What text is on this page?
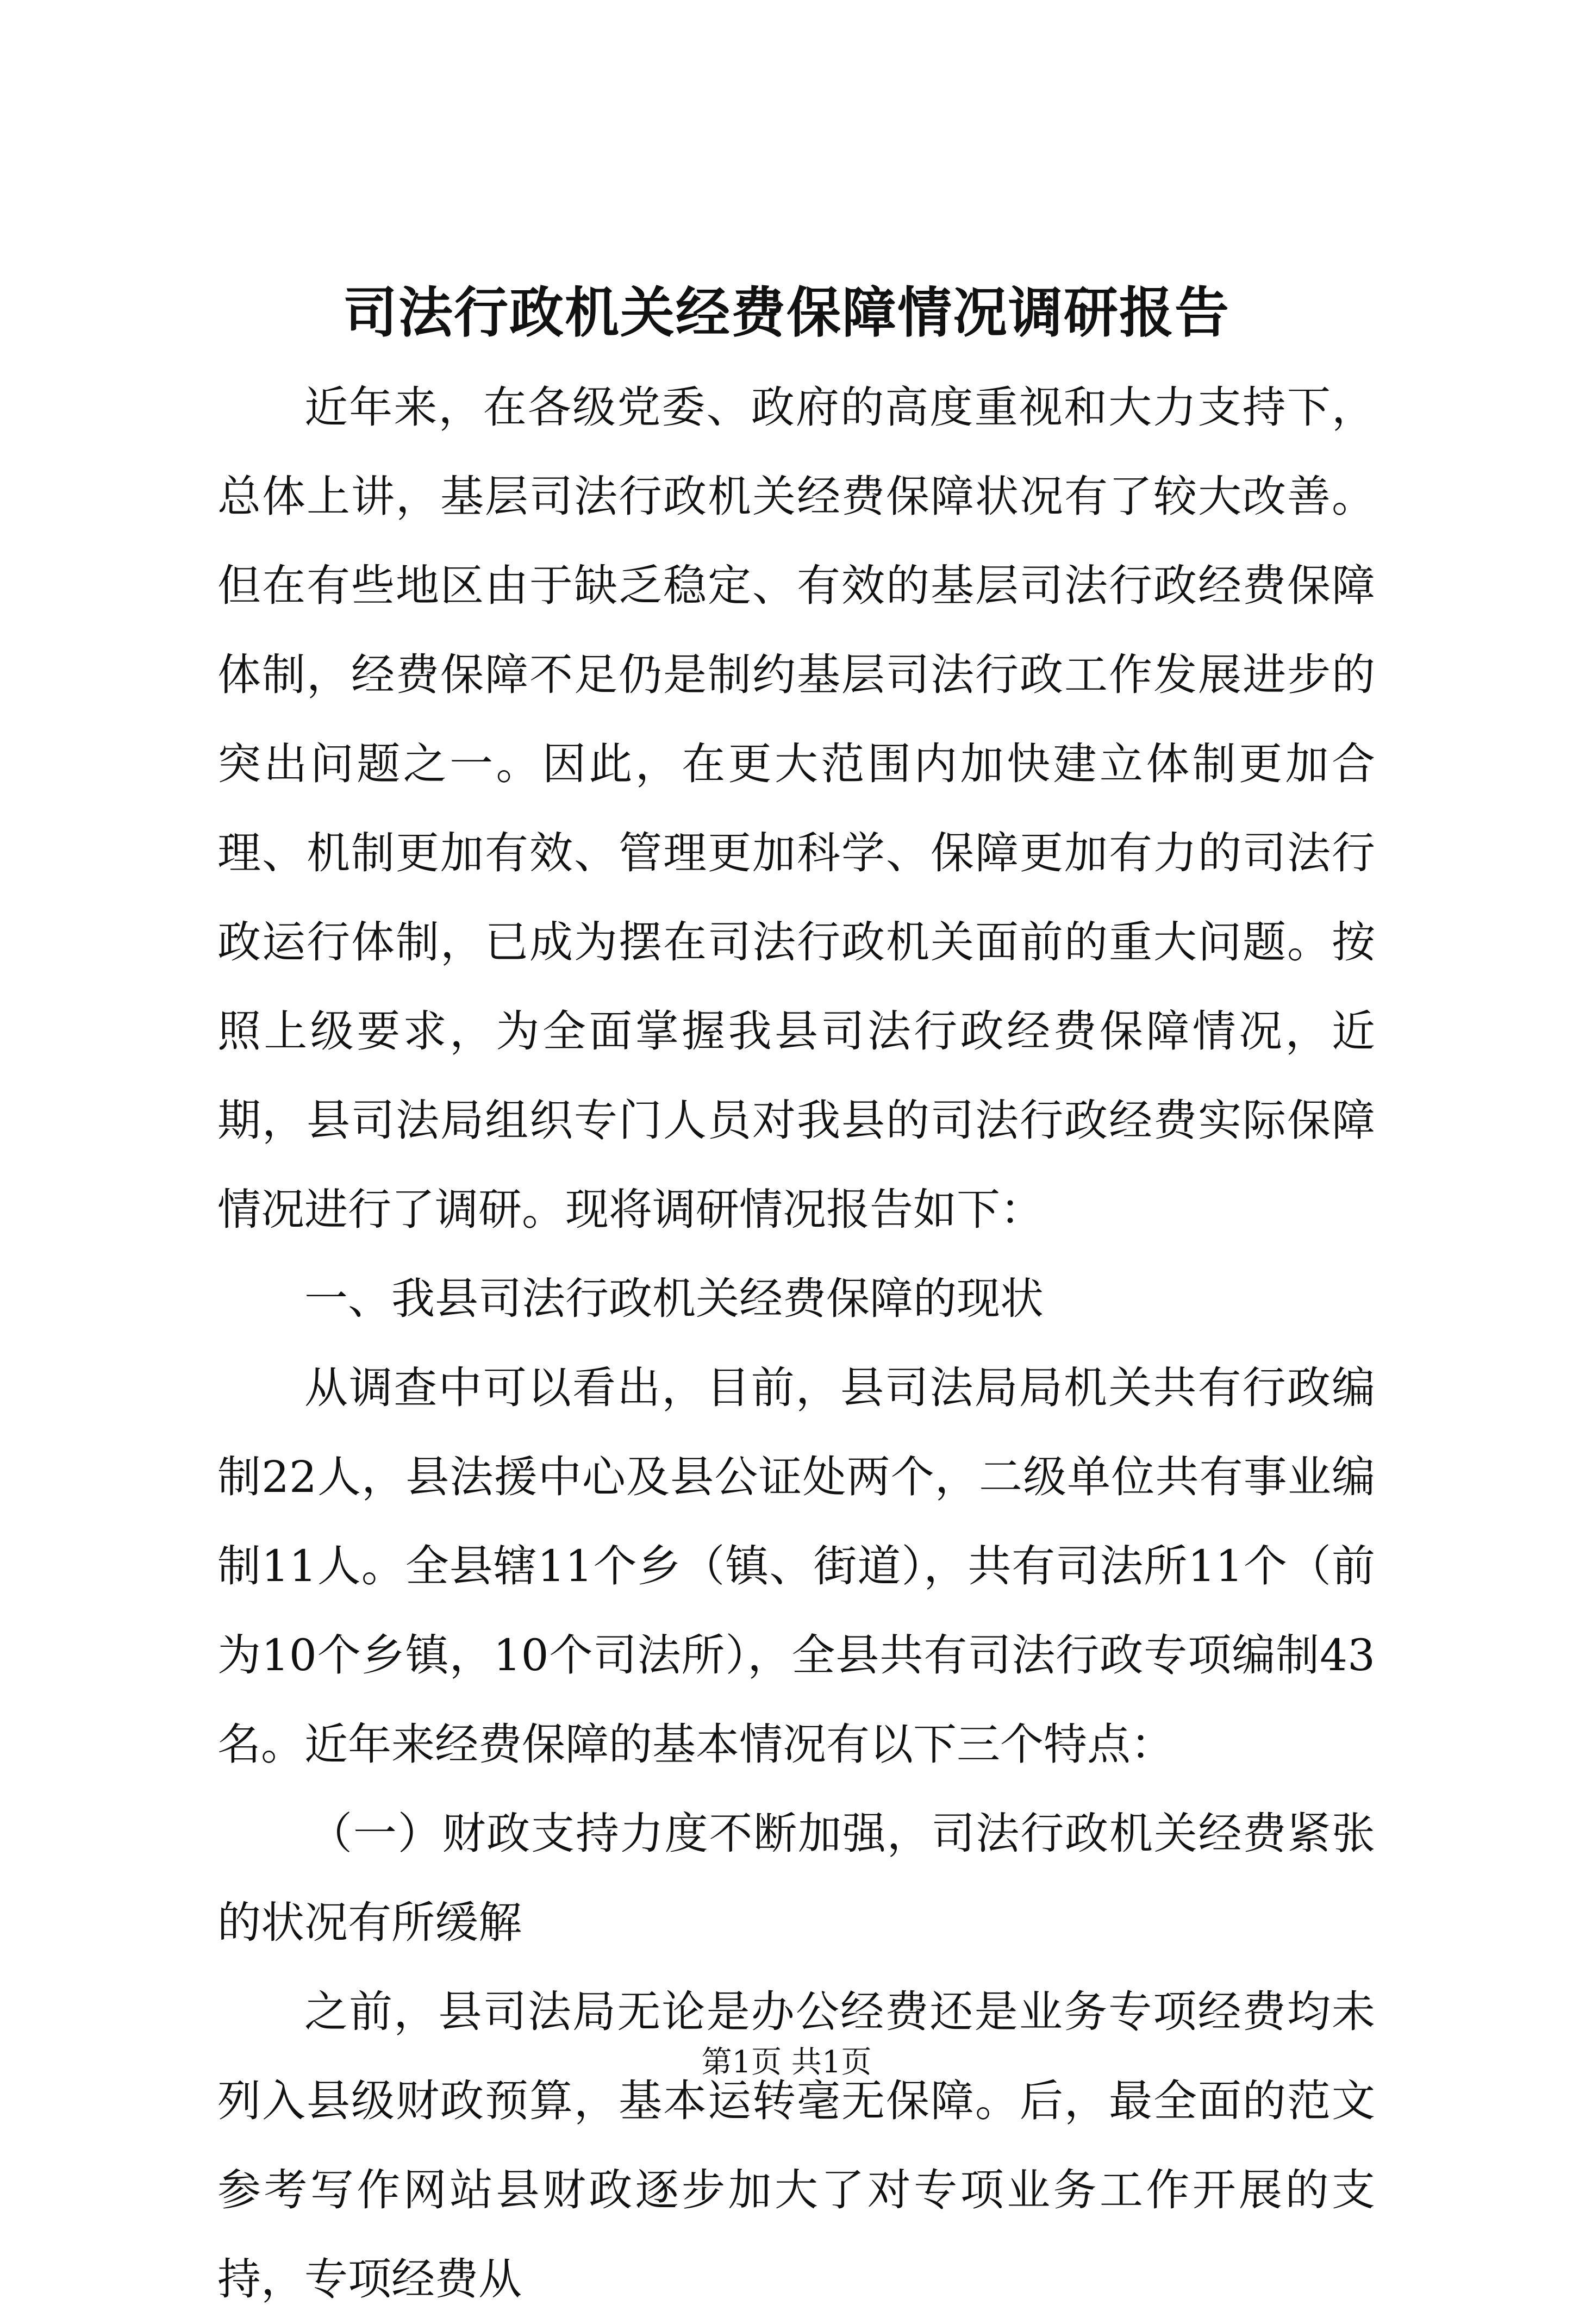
司法行政机关经费保障情况调研报告

近年来，在各级党委、政府的高度重视和大力支持下，总体上讲，基层司法行政机关经费保障状况有了较大改善。但在有些地区由于缺乏稳定、有效的基层司法行政经费保障体制，经费保障不足仍是制约基层司法行政工作发展进步的突出问题之一。因此，在更大范围内加快建立体制更加合理、机制更加有效、管理更加科学、保障更加有力的司法行政运行体制，已成为摆在司法行政机关面前的重大问题。按照上级要求，为全面掌握我县司法行政经费保障情况，近期，县司法局组织专门人员对我县的司法行政经费实际保障情况进行了调研。现将调研情况报告如下：

一、我县司法行政机关经费保障的现状

从调查中可以看出，目前，县司法局局机关共有行政编制22人，县法援中心及县公证处两个，二级单位共有事业编制11人。全县辖11个乡（镇、街道），共有司法所11个（前为10个乡镇，10个司法所），全县共有司法行政专项编制43名。近年来经费保障的基本情况有以下三个特点：

（一）财政支持力度不断加强，司法行政机关经费紧张的状况有所缓解

之前，县司法局无论是办公经费还是业务专项经费均未列入县级财政预算，基本运转毫无保障。后，最全面的范文参考写作网站县财政逐步加大了对专项业务工作开展的支持，专项经费从

第1页 共1页
